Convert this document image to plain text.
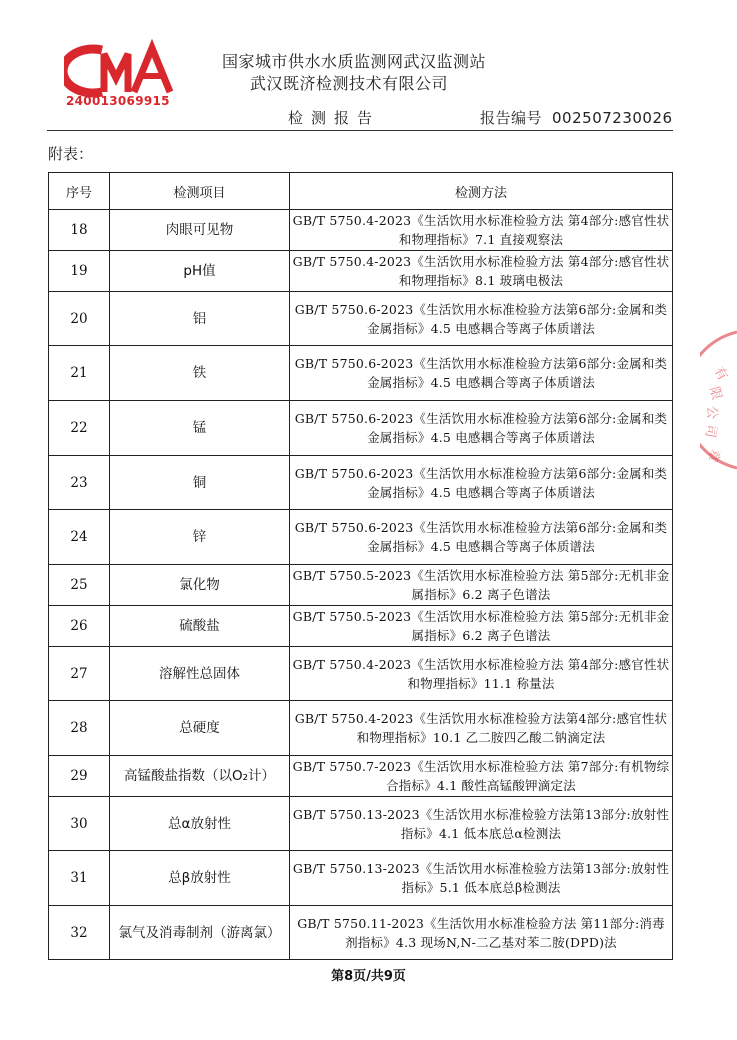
240013069915
国家城市供水水质监测网武汉监测站
武汉既济检测技术有限公司
检测报告	报告编号 002507230026
附表：
序号	检测项目	检测方法
18	肉眼可见物	GB/T 5750.4-2023《生活饮用水标准检验方法 第4部分:感官性状和物理指标》7.1 直接观察法
19	pH值	GB/T 5750.4-2023《生活饮用水标准检验方法 第4部分:感官性状和物理指标》8.1 玻璃电极法
20	铝	GB/T 5750.6-2023《生活饮用水标准检验方法第6部分:金属和类金属指标》4.5 电感耦合等离子体质谱法
21	铁	GB/T 5750.6-2023《生活饮用水标准检验方法第6部分:金属和类金属指标》4.5 电感耦合等离子体质谱法
22	锰	GB/T 5750.6-2023《生活饮用水标准检验方法第6部分:金属和类金属指标》4.5 电感耦合等离子体质谱法
23	铜	GB/T 5750.6-2023《生活饮用水标准检验方法第6部分:金属和类金属指标》4.5 电感耦合等离子体质谱法
24	锌	GB/T 5750.6-2023《生活饮用水标准检验方法第6部分:金属和类金属指标》4.5 电感耦合等离子体质谱法
25	氯化物	GB/T 5750.5-2023《生活饮用水标准检验方法 第5部分:无机非金属指标》6.2 离子色谱法
26	硫酸盐	GB/T 5750.5-2023《生活饮用水标准检验方法 第5部分:无机非金属指标》6.2 离子色谱法
27	溶解性总固体	GB/T 5750.4-2023《生活饮用水标准检验方法 第4部分:感官性状和物理指标》11.1 称量法
28	总硬度	GB/T 5750.4-2023《生活饮用水标准检验方法第4部分:感官性状和物理指标》10.1 乙二胺四乙酸二钠滴定法
29	高锰酸盐指数（以O₂计）	GB/T 5750.7-2023《生活饮用水标准检验方法 第7部分:有机物综合指标》4.1 酸性高锰酸钾滴定法
30	总α放射性	GB/T 5750.13-2023《生活饮用水标准检验方法第13部分:放射性指标》4.1 低本底总α检测法
31	总β放射性	GB/T 5750.13-2023《生活饮用水标准检验方法第13部分:放射性指标》5.1 低本底总β检测法
32	氯气及消毒制剂（游离氯）	GB/T 5750.11-2023《生活饮用水标准检验方法 第11部分:消毒剂指标》4.3 现场N,N-二乙基对苯二胺(DPD)法
有
限
公
司
章
第8页/共9页
